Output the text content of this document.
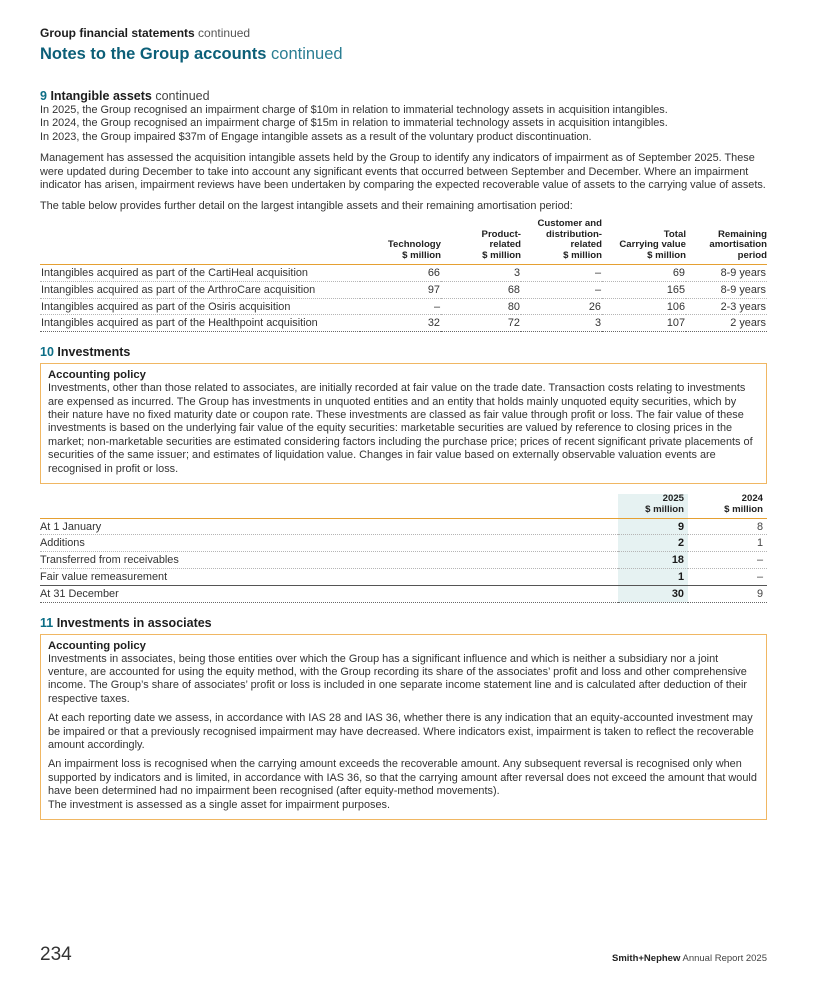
Group financial statements continued
Notes to the Group accounts continued
9 Intangible assets continued

In 2025, the Group recognised an impairment charge of $10m in relation to immaterial technology assets in acquisition intangibles.
In 2024, the Group recognised an impairment charge of $15m in relation to immaterial technology assets in acquisition intangibles.
In 2023, the Group impaired $37m of Engage intangible assets as a result of the voluntary product discontinuation.

Management has assessed the acquisition intangible assets held by the Group to identify any indicators of impairment as of September 2025. These were updated during December to take into account any significant events that occurred between September and December. Where an impairment indicator has arisen, impairment reviews have been undertaken by comparing the expected recoverable value of assets to the carrying value of assets.

The table below provides further detail on the largest intangible assets and their remaining amortisation period:

	Technology
$ million	Product-
related
$ million	Customer and
distribution-
related
$ million	Total
Carrying value
$ million	Remaining
amortisation
period
Intangibles acquired as part of the CartiHeal acquisition	66	3	–	69	8-9 years
Intangibles acquired as part of the ArthroCare acquisition	97	68	–	165	8-9 years
Intangibles acquired as part of the Osiris acquisition	–	80	26	106	2-3 years
Intangibles acquired as part of the Healthpoint acquisition	32	72	3	107	2 years
10 Investments
Accounting policy

Investments, other than those related to associates, are initially recorded at fair value on the trade date. Transaction costs relating to investments are expensed as incurred. The Group has investments in unquoted entities and an entity that holds mainly unquoted equity securities, which by their nature have no fixed maturity date or coupon rate. These investments are classed as fair value through profit or loss. The fair value of these investments is based on the underlying fair value of the equity securities: marketable securities are valued by reference to closing prices in the market; non-marketable securities are estimated considering factors including the purchase price; prices of recent significant private placements of securities of the same issuer; and estimates of liquidation value. Changes in fair value based on externally observable valuation events are recognised in profit or loss.

	2025
$ million	2024
$ million
At 1 January	9	8
Additions	2	1
Transferred from receivables	18	–
Fair value remeasurement	1	–
At 31 December	30	9
11 Investments in associates
Accounting policy

Investments in associates, being those entities over which the Group has a significant influence and which is neither a subsidiary nor a joint venture, are accounted for using the equity method, with the Group recording its share of the associates’ profit and loss and other comprehensive income. The Group’s share of associates’ profit or loss is included in one separate income statement line and is calculated after deduction of their respective taxes.

At each reporting date we assess, in accordance with IAS 28 and IAS 36, whether there is any indication that an equity-accounted investment may be impaired or that a previously recognised impairment may have decreased. Where indicators exist, impairment is taken to reflect the recoverable amount accordingly.

An impairment loss is recognised when the carrying amount exceeds the recoverable amount. Any subsequent reversal is recognised only when supported by indicators and is limited, in accordance with IAS 36, so that the carrying amount after reversal does not exceed the amount that would have been determined had no impairment been recognised (after equity-method movements).
The investment is assessed as a single asset for impairment purposes.

234	Smith+Nephew Annual Report 2025
